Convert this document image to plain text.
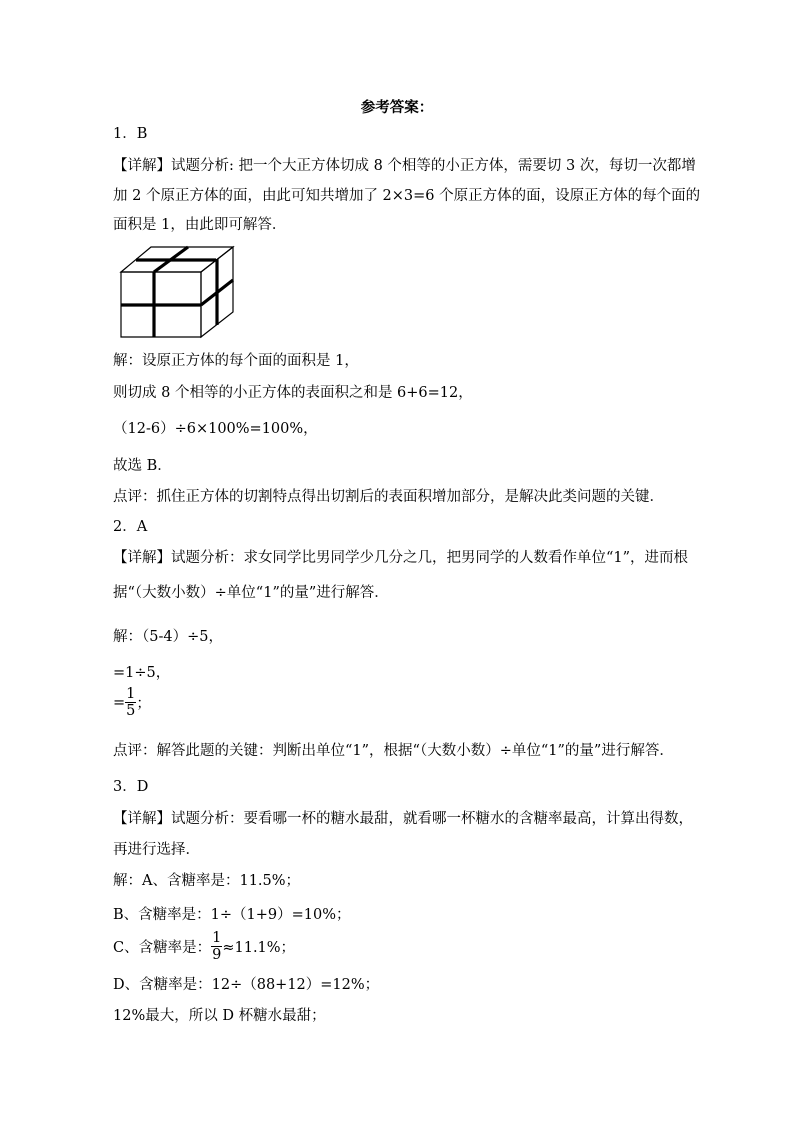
参考答案：
1．B
【详解】试题分析: 把一个大正方体切成 8 个相等的小正方体，需要切 3 次，每切一次都增
加 2 个原正方体的面，由此可知共增加了 2×3=6 个原正方体的面，设原正方体的每个面的
面积是 1，由此即可解答．
解：设原正方体的每个面的面积是 1，
则切成 8 个相等的小正方体的表面积之和是 6+6=12，
（12-6）÷6×100%=100%，
故选 B．
点评：抓住正方体的切割特点得出切割后的表面积增加部分，是解决此类问题的关键．
2．A
【详解】试题分析：求女同学比男同学少几分之几，把男同学的人数看作单位“1”，进而根
据“（大数小数）÷单位“1”的量”进行解答．
解：（5-4）÷5，
=1÷5，
= $\frac{1}{5}$ ；
点评：解答此题的关键：判断出单位“1”，根据“（大数小数）÷单位“1”的量”进行解答．
3．D
【详解】试题分析：要看哪一杯的糖水最甜，就看哪一杯糖水的含糖率最高，计算出得数，
再进行选择．
解：A、含糖率是：11.5%；
B、含糖率是：1÷（1+9）=10%；
C、含糖率是： $\frac{1}{9} \approx 11.1\%$；
D、含糖率是：12÷（88+12）=12%；
12%最大，所以 D 杯糖水最甜；
